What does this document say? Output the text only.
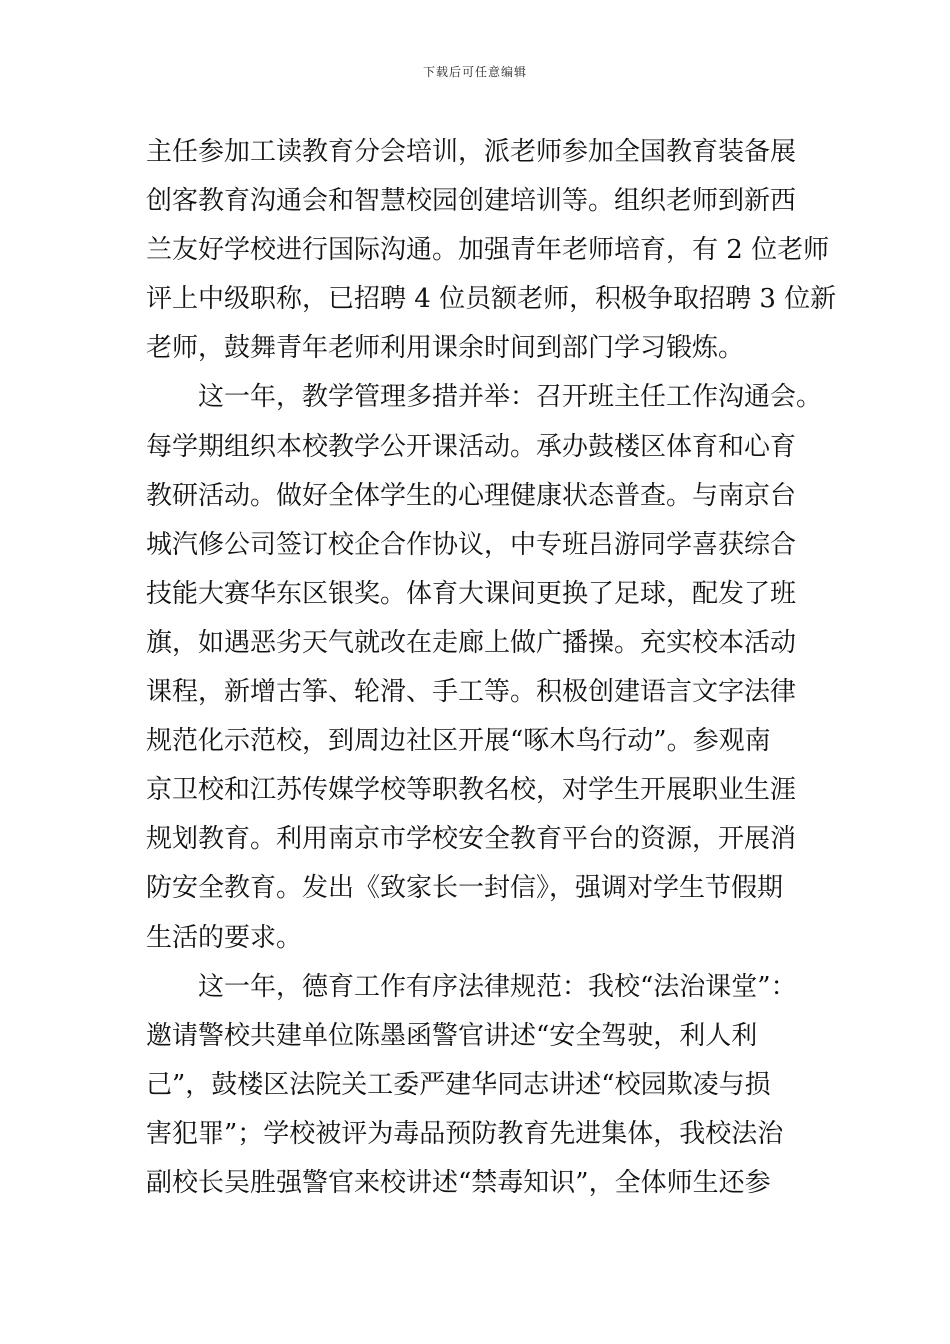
下载后可任意编辑
主任参加工读教育分会培训，派老师参加全国教育装备展
创客教育沟通会和智慧校园创建培训等。组织老师到新西
兰友好学校进行国际沟通。加强青年老师培育，有 2 位老师
评上中级职称，已招聘 4 位员额老师，积极争取招聘 3 位新
老师，鼓舞青年老师利用课余时间到部门学习锻炼。
这一年，教学管理多措并举：召开班主任工作沟通会。
每学期组织本校教学公开课活动。承办鼓楼区体育和心育
教研活动。做好全体学生的心理健康状态普查。与南京台
城汽修公司签订校企合作协议，中专班吕游同学喜获综合
技能大赛华东区银奖。体育大课间更换了足球，配发了班
旗，如遇恶劣天气就改在走廊上做广播操。充实校本活动
课程，新增古筝、轮滑、手工等。积极创建语言文字法律
规范化示范校，到周边社区开展“啄木鸟行动”。参观南
京卫校和江苏传媒学校等职教名校，对学生开展职业生涯
规划教育。利用南京市学校安全教育平台的资源，开展消
防安全教育。发出《致家长一封信》，强调对学生节假期
生活的要求。
这一年，德育工作有序法律规范：我校“法治课堂”：
邀请警校共建单位陈墨函警官讲述“安全驾驶，利人利
己”，鼓楼区法院关工委严建华同志讲述“校园欺凌与损
害犯罪”；学校被评为毒品预防教育先进集体，我校法治
副校长吴胜强警官来校讲述“禁毒知识”，全体师生还参
